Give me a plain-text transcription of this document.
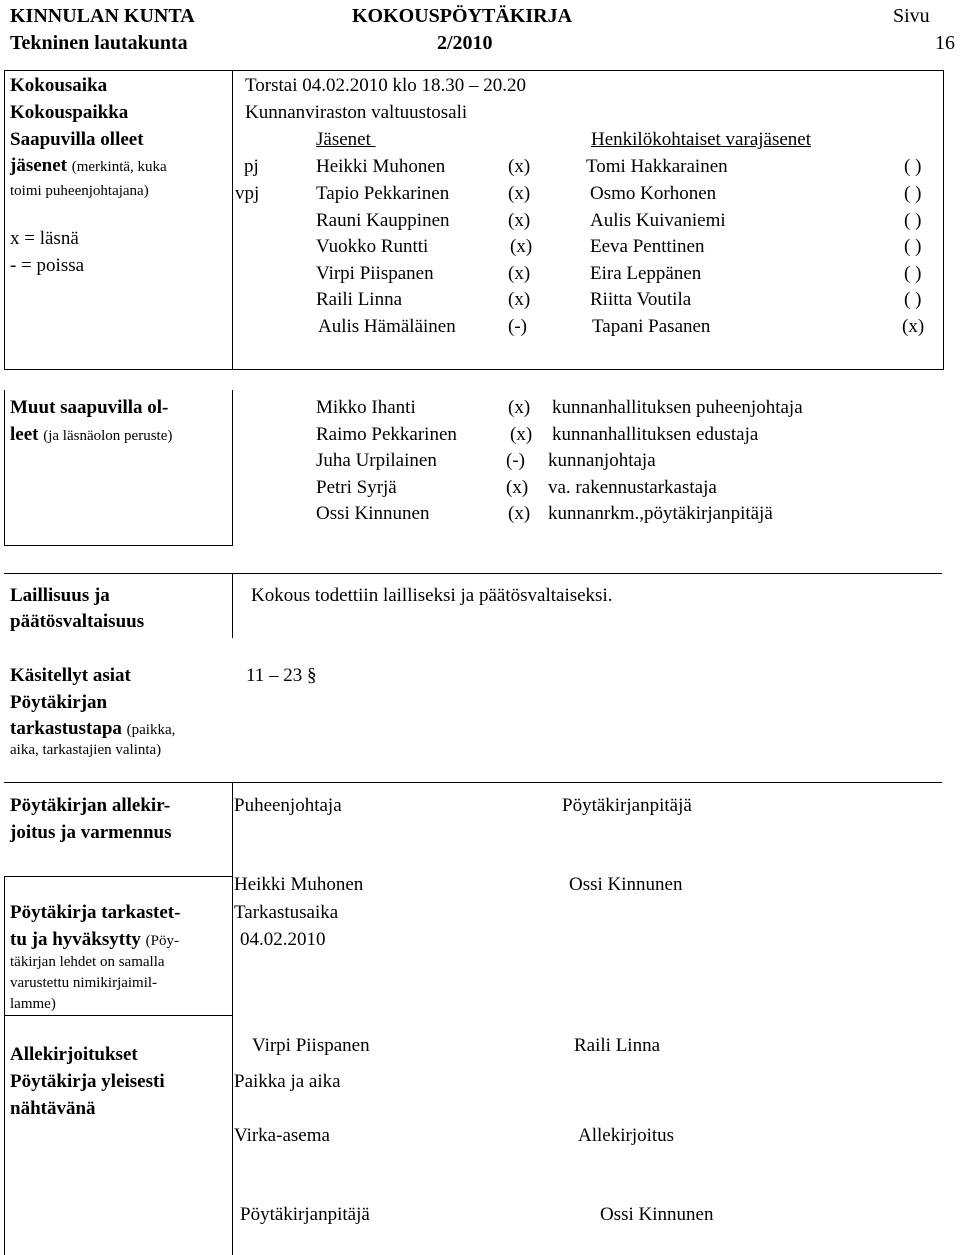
KINNULAN KUNTA
Tekninen lautakunta
KOKOUSPÖYTÄKIRJA
2/2010
Sivu
16
Kokousaika	Torstai 04.02.2010 klo 18.30 – 20.20
Kokouspaikka	Kunnanviraston valtuustosali
Saapuvilla olleet
jäsenet (merkintä, kuka
toimi puheenjohtajana)
x = läsnä
- = poissa
Jäsenet	Henkilökohtaiset varajäsenet
pj	Heikki Muhonen	(x)	Tomi Hakkarainen	( )
vpj	Tapio Pekkarinen	(x)	Osmo Korhonen	( )
Rauni Kauppinen	(x)	Aulis Kuivaniemi	( )
Vuokko Runtti	(x)	Eeva Penttinen	( )
Virpi Piispanen	(x)	Eira Leppänen	( )
Raili Linna	(x)	Riitta Voutila	( )
Aulis Hämäläinen	(-)	Tapani Pasanen	(x)
Muut saapuvilla ol-
leet (ja läsnäolon peruste)
Mikko Ihanti	(x) kunnanhallituksen puheenjohtaja
Raimo Pekkarinen	(x) kunnanhallituksen edustaja
Juha Urpilainen	(-) kunnanjohtaja
Petri Syrjä	(x) va. rakennustarkastaja
Ossi Kinnunen	(x) kunnanrkm.,pöytäkirjanpitäjä
Laillisuus ja
päätösvaltaisuus
Kokous todettiin lailliseksi ja päätösvaltaiseksi.
Käsitellyt asiat	11 – 23 §
Pöytäkirjan
tarkastustapa (paikka,
aika, tarkastajien valinta)
Pöytäkirjan allekir-
joitus ja varmennus
Puheenjohtaja	Pöytäkirjanpitäjä
Heikki Muhonen	Ossi Kinnunen
Pöytäkirja tarkastet-
tu ja hyväksytty (Pöy-
täkirjan lehdet on samalla
varustettu nimikirjaimil-
lamme)
Tarkastusaika
04.02.2010
Virpi Piispanen	Raili Linna
Allekirjoitukset
Pöytäkirja yleisesti
nähtävänä
Paikka ja aika
Virka-asema	Allekirjoitus
Pöytäkirjanpitäjä	Ossi Kinnunen
